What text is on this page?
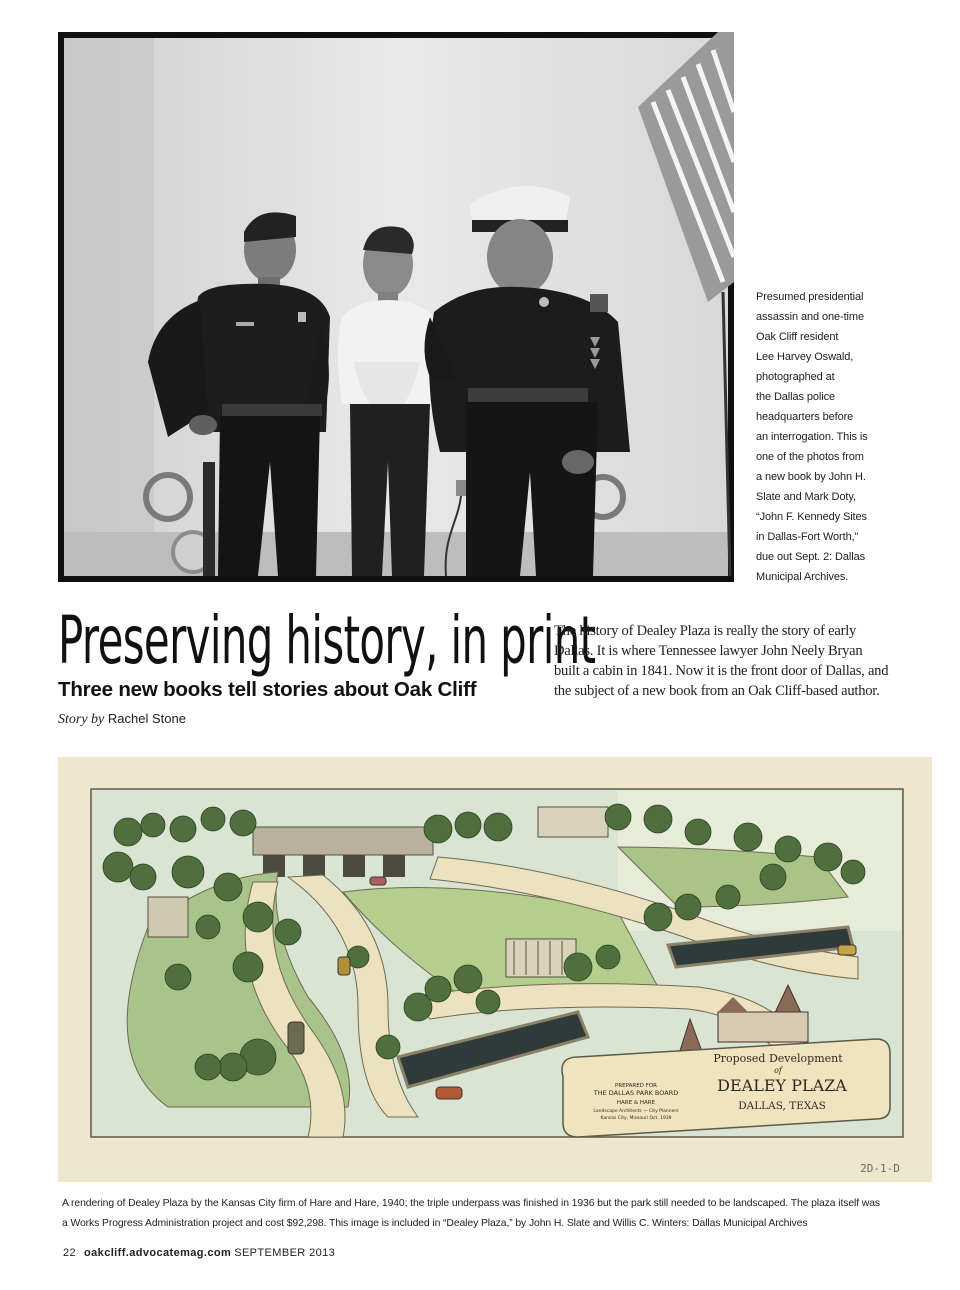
Presumed presidential
assassin and one-time
Oak Cliff resident
Lee Harvey Oswald,
photographed at
the Dallas police
headquarters before
an interrogation. This is
one of the photos from
a new book by John H.
Slate and Mark Doty,
“John F. Kennedy Sites
in Dallas-Fort Worth,”
due out Sept. 2: Dallas
Municipal Archives.
Preserving history, in print
Three new books tell stories about Oak Cliff
Story by Rachel Stone
The history of Dealey Plaza is really the story of early
Dallas. It is where Tennessee lawyer John Neely Bryan
built a cabin in 1841. Now it is the front door of Dallas, and
the subject of a new book from an Oak Cliff-based author.
Proposed Development
of
DEALEY PLAZA
DALLAS, TEXAS
PREPARED FOR
THE DALLAS PARK BOARD
HARE & HARE
Landscape Architects — City Planners
Kansas City, Missouri Oct. 1939
2D-1-D
A rendering of Dealey Plaza by the Kansas City firm of Hare and Hare, 1940; the triple underpass was finished in 1936 but the park still needed to be landscaped. The plaza itself was
a Works Progress Administration project and cost $92,298. This image is included in “Dealey Plaza,” by John H. Slate and Willis C. Winters: Dallas Municipal Archives
22 oakcliff.advocatemag.com SEPTEMBER 2013
